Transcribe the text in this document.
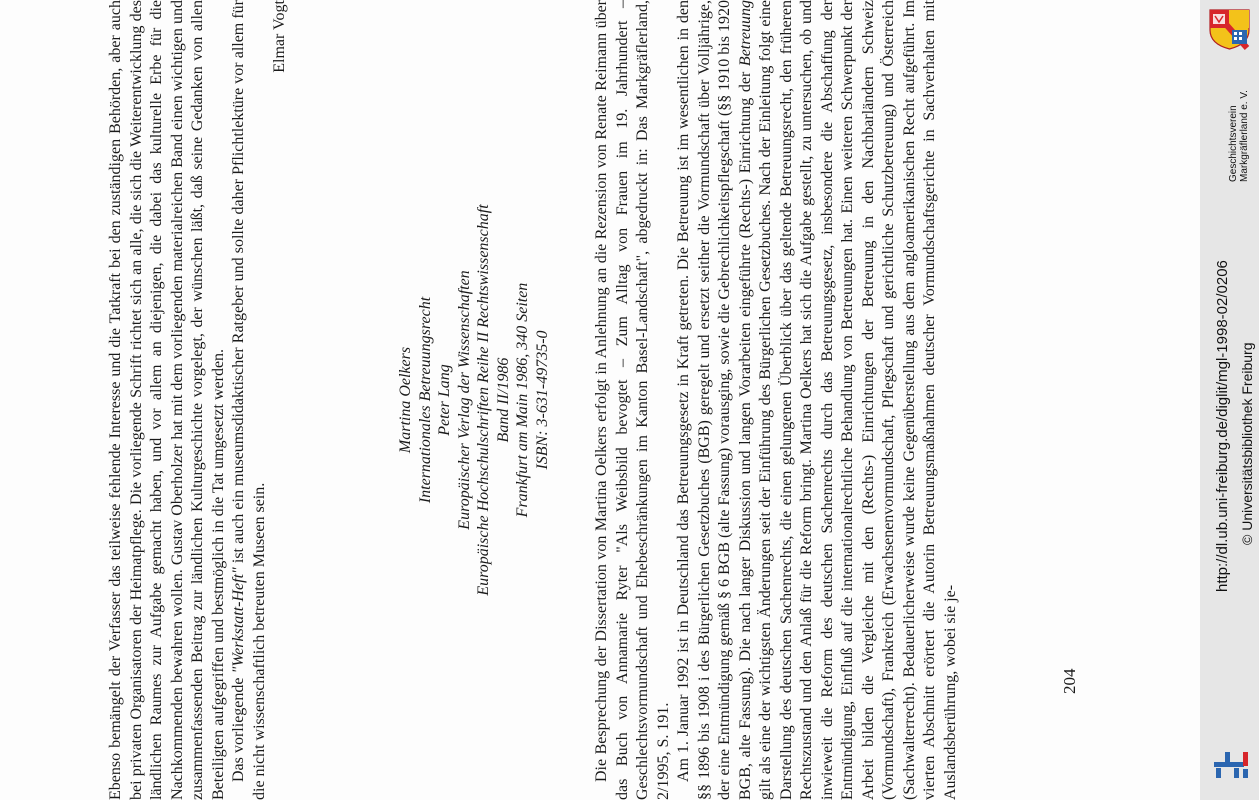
Ebenso bemängelt der Verfasser das teilweise fehlende Interesse und die Tatkraft bei den zuständigen Behörden, aber auch bei privaten Organisatoren der Heimatpflege. Die vorliegende Schrift richtet sich an alle, die sich die Weiterentwicklung des ländlichen Raumes zur Aufgabe gemacht haben, und vor allem an diejenigen, die dabei das kulturelle Erbe für die Nachkommenden bewahren wollen. Gustav Oberholzer hat mit dem vorliegenden materialreichen Band einen wichtigen und zusammenfassenden Beitrag zur ländlichen Kulturgeschichte vorgelegt, der wünschen läßt, daß seine Gedanken von allen Beteiligten aufgegriffen und bestmöglich in die Tat umgesetzt werden. Das vorliegende "Werkstatt-Heft" ist auch ein museumsdidaktischer Ratgeber und sollte daher Pflichtlektüre vor allem für die nicht wissenschaftlich betreuten Museen sein.

Elmar Vogt

Martina Oelkers Internationales Betreuungsrecht Peter Lang Europäischer Verlag der Wissenschaften Europäische Hochschulschriften Reihe II Rechtswissenschaft Band II/1986 Frankfurt am Main 1986, 340 Seiten ISBN: 3-631-49735-0	Die Besprechung der Dissertation von Martina Oelkers erfolgt in Anlehnung an die Rezension von Renate Reimann über das Buch von Annamarie Ryter "Als Weibsbild bevogtet – Zum Alltag von Frauen im 19. Jahrhundert – Geschlechtsvormundschaft und Ehebeschränkungen im Kanton Basel-Landschaft", abgedruckt in: Das Markgräflerland, 2/1995, S. 191. Am 1. Januar 1992 ist in Deutschland das Betreuungsgesetz in Kraft getreten. Die Betreuung ist im wesentlichen in den §§ 1896 bis 1908 i des Bürgerlichen Gesetzbuches (BGB) geregelt und ersetzt seither die Vormundschaft über Volljährige, der eine Entmündigung gemäß § 6 BGB (alte Fassung) vorausging, sowie die Gebrechlichkeitspflegschaft (§§ 1910 bis 1920 BGB, alte Fassung). Die nach langer Diskussion und langen Vorarbeiten eingeführte (Rechts-) Einrichtung der Betreuung gilt als eine der wichtigsten Änderungen seit der Einführung des Bürgerlichen Gesetzbuches. Nach der Einleitung folgt eine Darstellung des deutschen Sachenrechts, die einen gelungenen Überblick über das geltende Betreuungsrecht, den früheren Rechtszustand und den Anlaß für die Reform bringt. Martina Oelkers hat sich die Aufgabe gestellt, zu untersuchen, ob und inwieweit die Reform des deutschen Sachenrechts durch das Betreuungsgesetz, insbesondere die Abschaffung der Entmündigung, Einfluß auf die internationalrechtliche Behandlung von Betreuungen hat. Einen weiteren Schwerpunkt der Arbeit bilden die Vergleiche mit den (Rechts-) Einrichtungen der Betreuung in den Nachbarländern Schweiz (Vormundschaft), Frankreich (Erwachsenenvormundschaft, Pflegschaft und gerichtliche Schutzbetreuung) und Österreich (Sachwalterrecht). Bedauerlicherweise wurde keine Gegenüberstellung aus dem angloamerikanischen Recht aufgeführt. Im vierten Abschnitt erörtert die Autorin Betreuungsmaßnahmen deutscher Vormundschaftsgerichte in Sachverhalten mit Auslandsberührung, wobei sie je-	204
Geschichtsverein Markgräflerland e. V.
http://dl.ub.uni-freiburg.de/diglit/mgl-1998-02/0206 © Universitätsbibliothek Freiburg
